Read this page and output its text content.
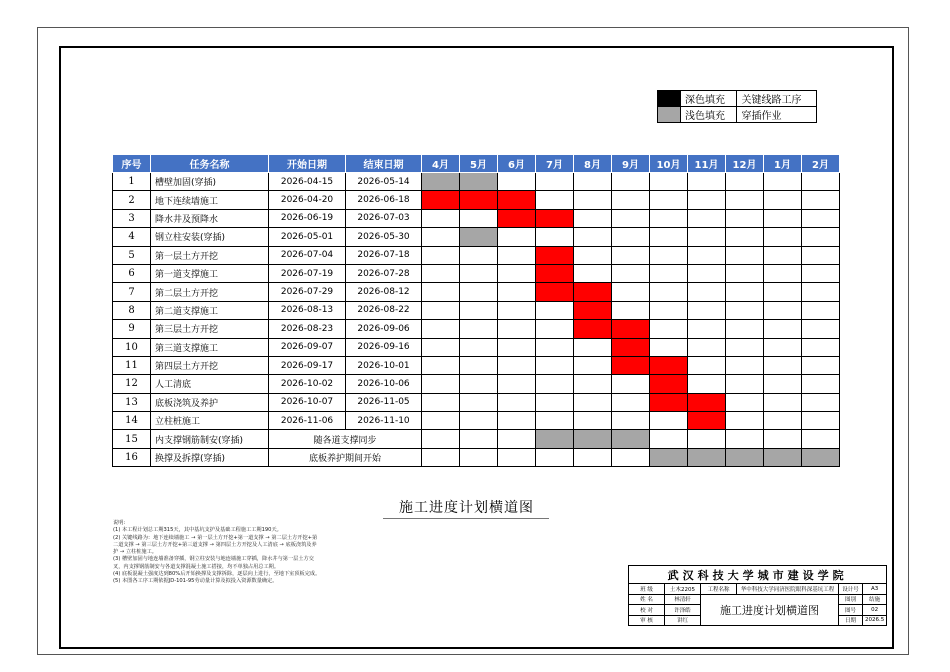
	深色填充	关键线路工序
	浅色填充	穿插作业
序号	任务名称	开始日期	结束日期	4月	5月	6月	7月	8月	9月	10月	11月	12月	1月	2月
1	槽壁加固(穿插)	2026-04-15	2026-05-14											
2	地下连续墙施工	2026-04-20	2026-06-18											
3	降水井及预降水	2026-06-19	2026-07-03											
4	钢立柱安装(穿插)	2026-05-01	2026-05-30											
5	第一层土方开挖	2026-07-04	2026-07-18											
6	第一道支撑施工	2026-07-19	2026-07-28											
7	第二层土方开挖	2026-07-29	2026-08-12											
8	第二道支撑施工	2026-08-13	2026-08-22											
9	第三层土方开挖	2026-08-23	2026-09-06											
10	第三道支撑施工	2026-09-07	2026-09-16											
11	第四层土方开挖	2026-09-17	2026-10-01											
12	人工清底	2026-10-02	2026-10-06											
13	底板浇筑及养护	2026-10-07	2026-11-05											
14	立柱桩施工	2026-11-06	2026-11-10											
15	内支撑钢筋制安(穿插)	随各道支撑同步												
16	换撑及拆撑(穿插)	底板养护期间开始												
施工进度计划横道图
说明:
(1) 本工程计划总工期315天，其中基坑支护及基础工程施工工期190天。
(2) 关键线路为：地下连续墙施工 → 第一层土方开挖+第一道支撑 → 第二层土方开挖+第
二道支撑 → 第三层土方开挖+第三道支撑 → 第四层土方开挖及人工清底 → 底板浇筑及养
护 → 立柱桩施工。
(3) 槽壁加固与地连墙准备穿插，钢立柱安装与地连墙施工穿插，降水井与第一层土方交
叉，内支撑钢筋制安与各道支撑混凝土施工搭接，均不单独占用总工期。
(4) 底板混凝土强度达到80%后开始换撑及支撑拆除，逐层向上进行，至地下室顶板完成。
(5) 本图各工序工期依据JD-101-95劳动量计算及拟投入资源数量确定。	武汉科技大学城市建设学院					
班 级	土木2205	工程名称	华中科技大学同济医院眼科深基坑工程	设计号	A3
姓 名	林清轩	施工进度计划横道图		图别	结施
校 对	许泽皓			图号	02
审 核	讲红			日期	2026.5
